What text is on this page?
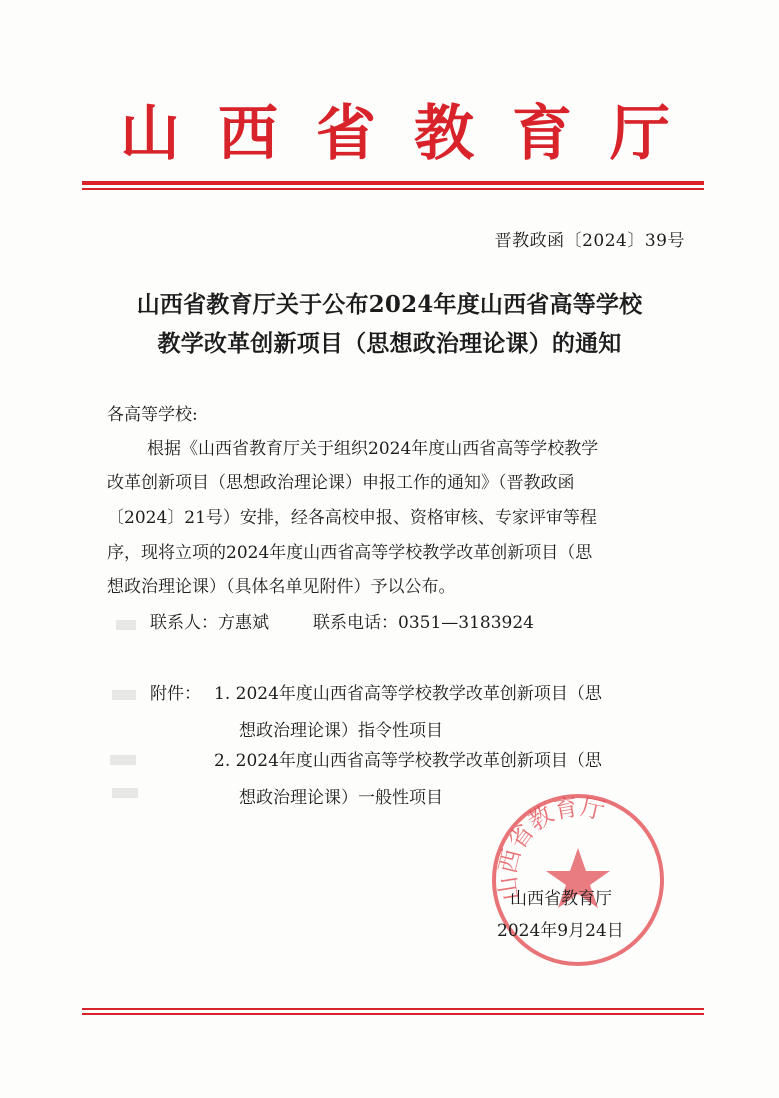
山 西 省 教 育 厅
晋教政函〔2024〕39号
山西省教育厅关于公布2024年度山西省高等学校
教学改革创新项目（思想政治理论课）的通知
各高等学校:
根据《山西省教育厅关于组织2024年度山西省高等学校教学
改革创新项目（思想政治理论课）申报工作的通知》（晋教政函
〔2024〕21号）安排，经各高校申报、资格审核、专家评审等程
序，现将立项的2024年度山西省高等学校教学改革创新项目（思
想政治理论课）（具体名单见附件）予以公布。
联系人：方惠斌	联系电话：0351—3183924
附件： 1. 2024年度山西省高等学校教学改革创新项目（思
想政治理论课）指令性项目
2. 2024年度山西省高等学校教学改革创新项目（思
想政治理论课）一般性项目
山西省教育厅
山西省教育厅
2024年9月24日
